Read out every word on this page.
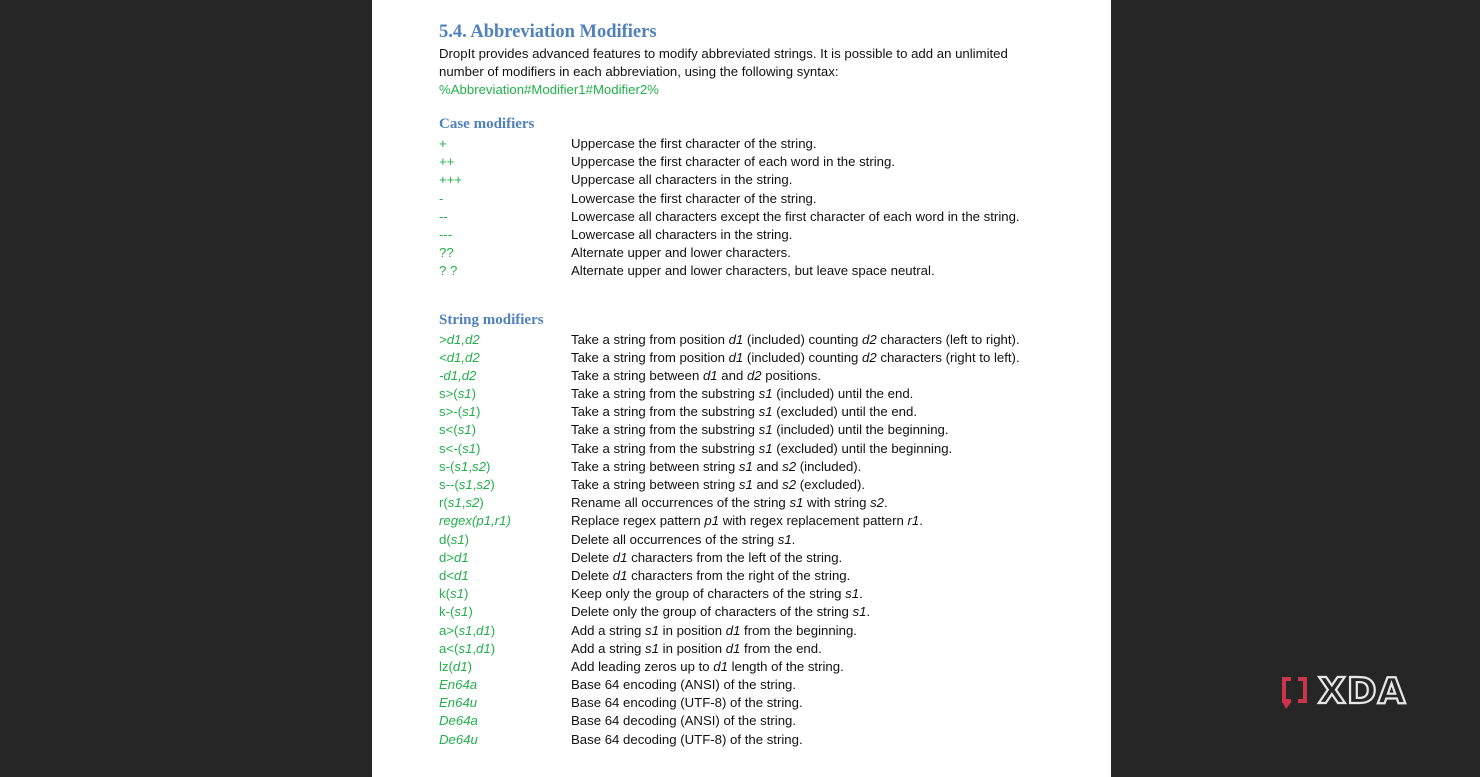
5.4. Abbreviation Modifiers

DropIt provides advanced features to modify abbreviated strings. It is possible to add an unlimited

number of modifiers in each abbreviation, using the following syntax:

%Abbreviation#Modifier1#Modifier2%

Case modifiers
+	Uppercase the first character of the string.
++	Uppercase the first character of each word in the string.
+++	Uppercase all characters in the string.
-	Lowercase the first character of the string.
--	Lowercase all characters except the first character of each word in the string.
---	Lowercase all characters in the string.
??	Alternate upper and lower characters.
? ?	Alternate upper and lower characters, but leave space neutral.
String modifiers
>d1,d2	Take a string from position d1 (included) counting d2 characters (left to right).
<d1,d2	Take a string from position d1 (included) counting d2 characters (right to left).
-d1,d2	Take a string between d1 and d2 positions.
s>(s1)	Take a string from the substring s1 (included) until the end.
s>-(s1)	Take a string from the substring s1 (excluded) until the end.
s<(s1)	Take a string from the substring s1 (included) until the beginning.
s<-(s1)	Take a string from the substring s1 (excluded) until the beginning.
s-(s1,s2)	Take a string between string s1 and s2 (included).
s--(s1,s2)	Take a string between string s1 and s2 (excluded).
r(s1,s2)	Rename all occurrences of the string s1 with string s2.
regex(p1,r1)	Replace regex pattern p1 with regex replacement pattern r1.
d(s1)	Delete all occurrences of the string s1.
d>d1	Delete d1 characters from the left of the string.
d<d1	Delete d1 characters from the right of the string.
k(s1)	Keep only the group of characters of the string s1.
k-(s1)	Delete only the group of characters of the string s1.
a>(s1,d1)	Add a string s1 in position d1 from the beginning.
a<(s1,d1)	Add a string s1 in position d1 from the end.
lz(d1)	Add leading zeros up to d1 length of the string.
En64a	Base 64 encoding (ANSI) of the string.
En64u	Base 64 encoding (UTF-8) of the string.
De64a	Base 64 decoding (ANSI) of the string.
De64u	Base 64 decoding (UTF-8) of the string.
XDA
